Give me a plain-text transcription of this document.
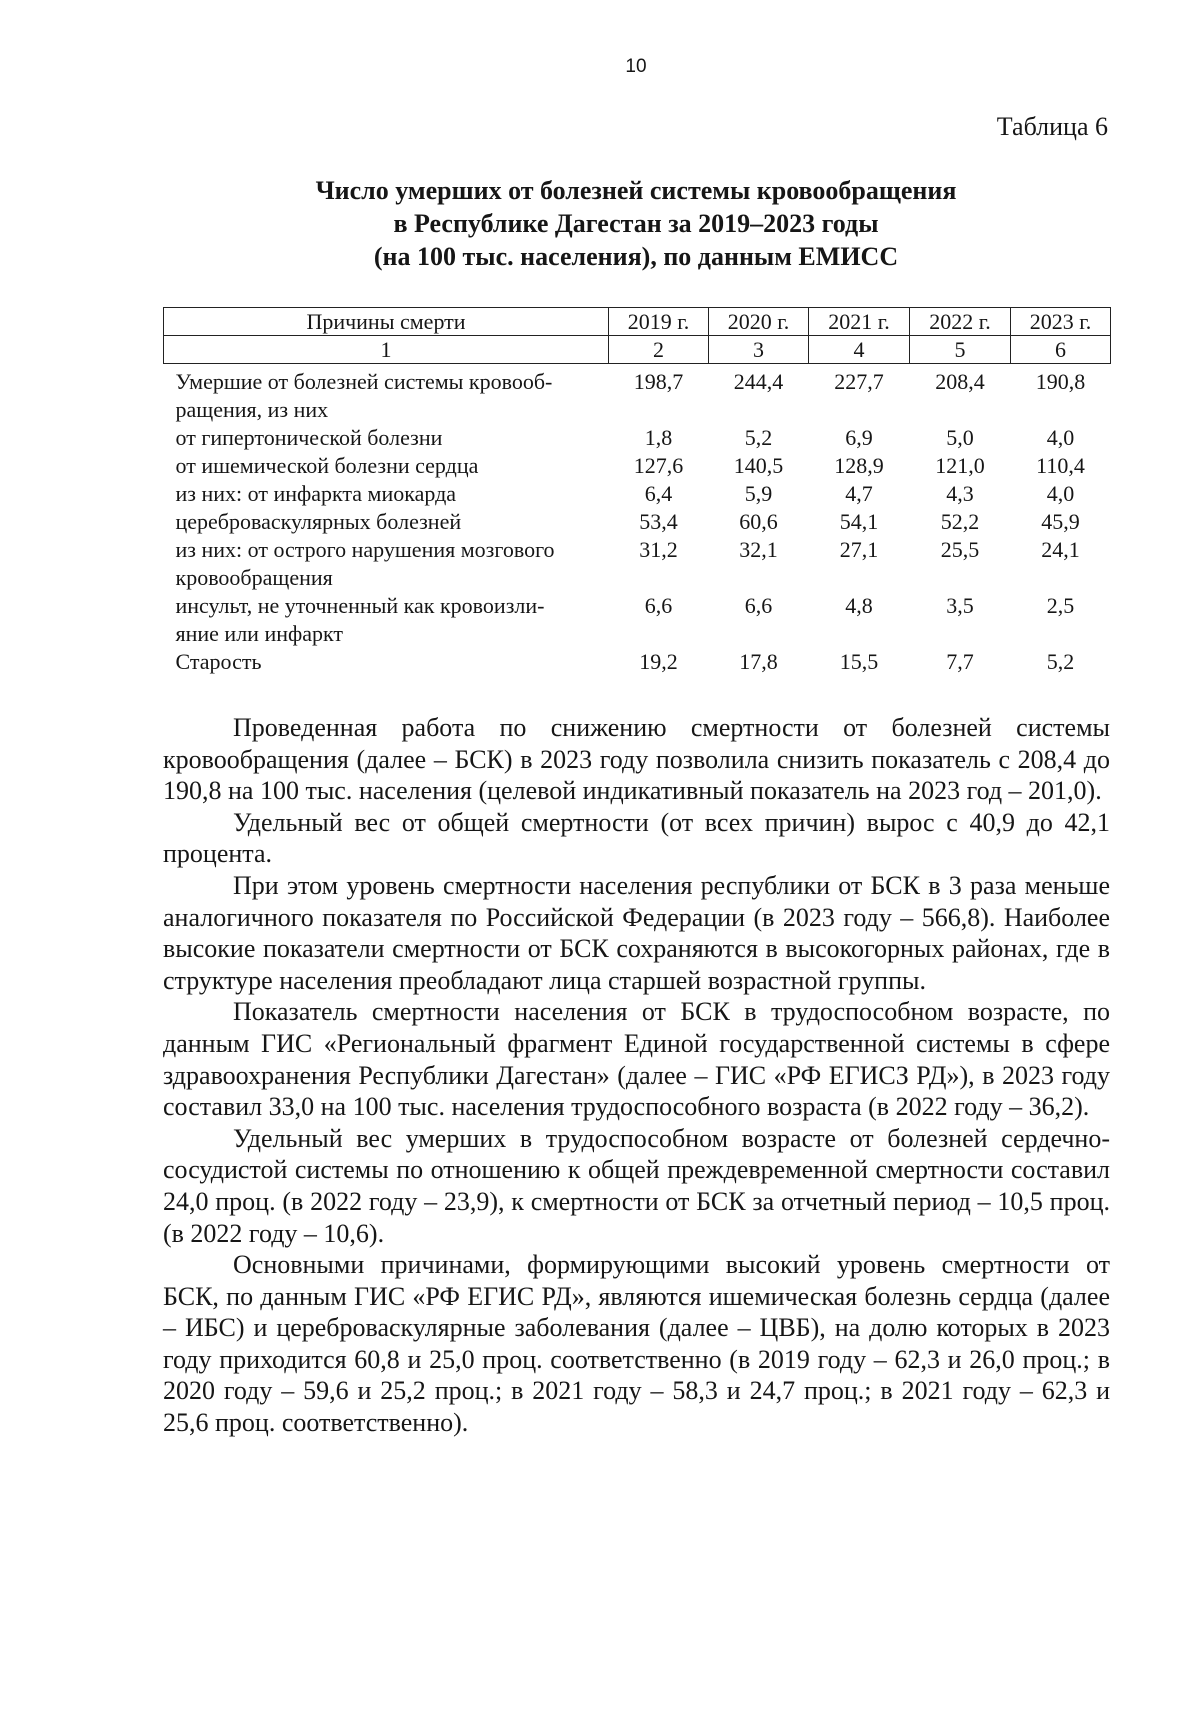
10
Таблица 6
Число умерших от болезней системы кровообращения
в Республике Дагестан за 2019–2023 годы
(на 100 тыс. населения), по данным ЕМИСС
Причины смерти	2019 г.	2020 г.	2021 г.	2022 г.	2023 г.
1	2	3	4	5	6

Умершие от болезней системы кровооб-
ращения, из них	198,7	244,4	227,7	208,4	190,8

от гипертонической болезни	1,8	5,2	6,9	5,0	4,0

от ишемической болезни сердца	127,6	140,5	128,9	121,0	110,4

из них: от инфаркта миокарда	6,4	5,9	4,7	4,3	4,0

цереброваскулярных болезней	53,4	60,6	54,1	52,2	45,9

из них: от острого нарушения мозгового
кровообращения	31,2	32,1	27,1	25,5	24,1

инсульт, не уточненный как кровоизли-
яние или инфаркт	6,6	6,6	4,8	3,5	2,5

Старость	19,2	17,8	15,5	7,7	5,2

Проведенная работа по снижению смертности от болезней системы кровообращения (далее – БСК) в 2023 году позволила снизить показатель с 208,4 до 190,8 на 100 тыс. населения (целевой индикативный показатель на 2023 год – 201,0).

Удельный вес от общей смертности (от всех причин) вырос с 40,9 до 42,1 процента.

При этом уровень смертности населения республики от БСК в 3 раза меньше аналогичного показателя по Российской Федерации (в 2023 году – 566,8). Наиболее высокие показатели смертности от БСК сохраняются в высокогорных районах, где в структуре населения преобладают лица старшей возрастной группы.

Показатель смертности населения от БСК в трудоспособном возрасте, по данным ГИС «Региональный фрагмент Единой государственной системы в сфере здравоохранения Республики Дагестан» (далее – ГИС «РФ ЕГИСЗ РД»), в 2023 году составил 33,0 на 100 тыс. населения трудоспособного возраста (в 2022 году – 36,2).

Удельный вес умерших в трудоспособном возрасте от болезней сердечно-сосудистой системы по отношению к общей преждевременной смертности составил 24,0 проц. (в 2022 году – 23,9), к смертности от БСК за отчетный период – 10,5 проц. (в 2022 году – 10,6).

Основными причинами, формирующими высокий уровень смертности от БСК, по данным ГИС «РФ ЕГИС РД», являются ишемическая болезнь сердца (далее – ИБС) и цереброваскулярные заболевания (далее – ЦВБ), на долю которых в 2023 году приходится 60,8 и 25,0 проц. соответственно (в 2019 году – 62,3 и 26,0 проц.; в 2020 году – 59,6 и 25,2 проц.; в 2021 году – 58,3 и 24,7 проц.; в 2021 году – 62,3 и 25,6 проц. соответственно).
